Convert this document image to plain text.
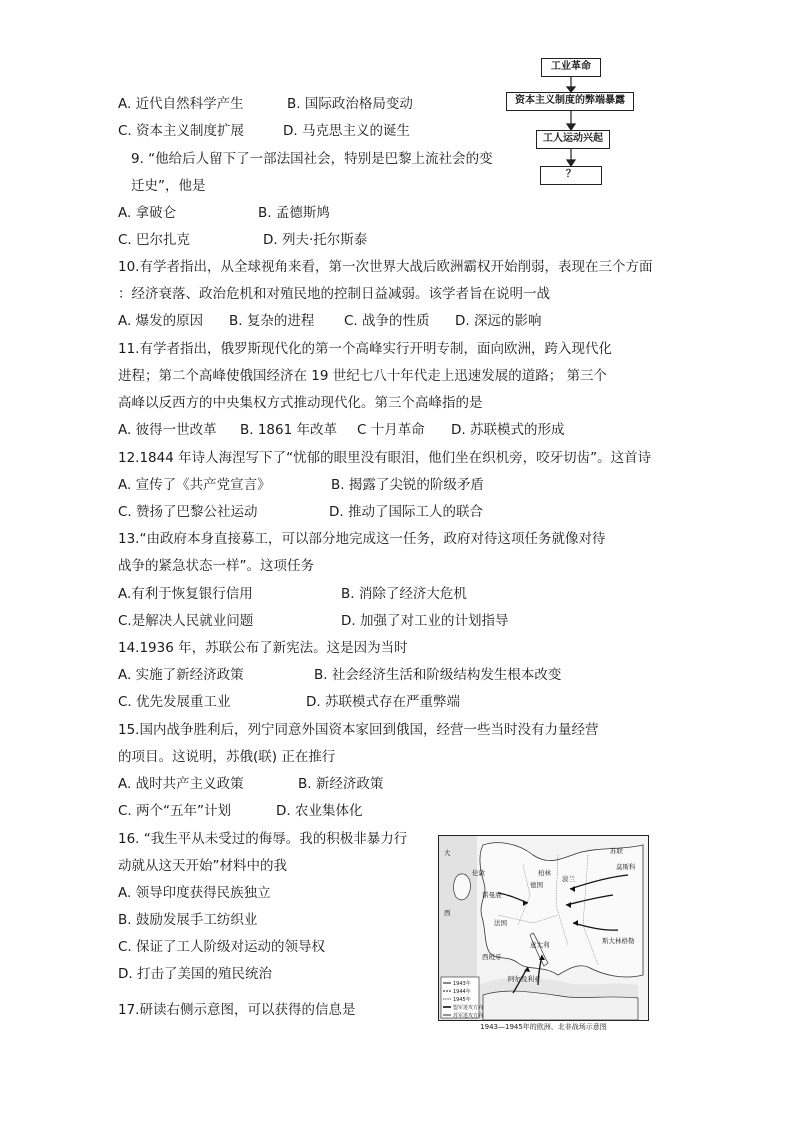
A. 近代自然科学产生	B. 国际政治格局变动
C. 资本主义制度扩展	D. 马克思主义的诞生
工业革命
资本主义制度的弊端暴露
工人运动兴起
？
9. “他给后人留下了一部法国社会，特别是巴黎上流社会的变
迁史”，他是
A. 拿破仑	B. 孟德斯鸠
C. 巴尔扎克	D. 列夫·托尔斯泰
10.有学者指出，从全球视角来看，第一次世界大战后欧洲霸权开始削弱，表现在三个方面
：经济衰落、政治危机和对殖民地的控制日益减弱。该学者旨在说明一战
A. 爆发的原因 B. 复杂的进程 C. 战争的性质 D. 深远的影响
11.有学者指出，俄罗斯现代化的第一个高峰实行开明专制，面向欧洲，跨入现代化
进程；第二个高峰使俄国经济在 19 世纪七八十年代走上迅速发展的道路； 第三个
高峰以反西方的中央集权方式推动现代化。第三个高峰指的是
A. 彼得一世改革 B. 1861 年改革 C 十月革命 D. 苏联模式的形成
12.1844 年诗人海涅写下了“忧郁的眼里没有眼泪，他们坐在织机旁，咬牙切齿”。这首诗
A. 宣传了《共产党宣言》	B. 揭露了尖锐的阶级矛盾
C. 赞扬了巴黎公社运动	D. 推动了国际工人的联合
13.“由政府本身直接募工，可以部分地完成这一任务，政府对待这项任务就像对待
战争的紧急状态一样”。这项任务
A.有利于恢复银行信用	B. 消除了经济大危机
C.是解决人民就业问题	D. 加强了对工业的计划指导
14.1936 年，苏联公布了新宪法。这是因为当时
A. 实施了新经济政策	B. 社会经济生活和阶级结构发生根本改变
C. 优先发展重工业	D. 苏联模式存在严重弊端
15.国内战争胜利后，列宁同意外国资本家回到俄国，经营一些当时没有力量经营
的项目。这说明，苏俄(联) 正在推行
A. 战时共产主义政策	B. 新经济政策
C. 两个“五年”计划	D. 农业集体化
16. “我生平从未受过的侮辱。我的积极非暴力行
动就从这天开始”材料中的我
A. 领导印度获得民族独立
B. 鼓励发展手工纺织业
C. 保证了工人阶级对运动的领导权
D. 打击了美国的殖民统治
17.研读右侧示意图，可以获得的信息是
大
西
伦敦
诺曼底
德国
柏林
波兰
苏联
莫斯科
斯大林格勒
法国
意大利
西班牙
阿尔及利亚
1943年
1944年
1945年
盟军进攻方向
苏军进攻方向
1943—1945年的欧洲、北非战场示意图
